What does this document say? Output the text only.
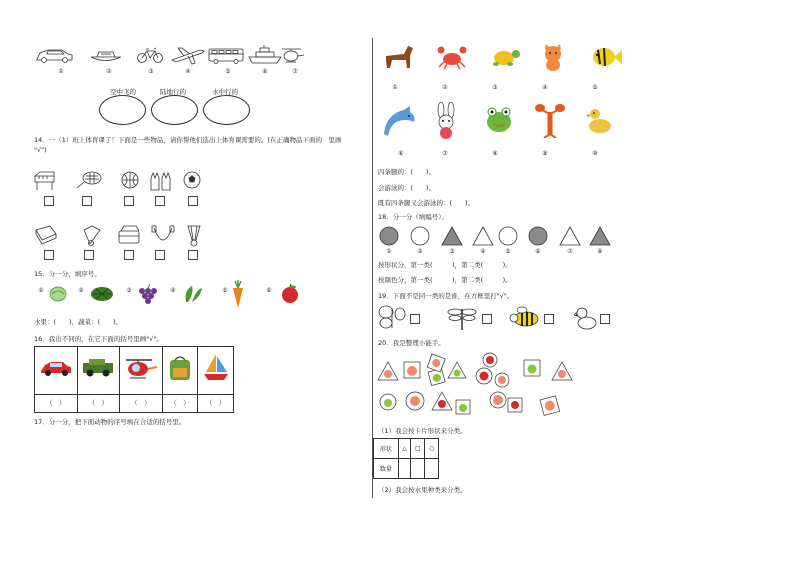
①	②	③	④	⑤	⑥	⑦
空中飞的	陆地行的	水中行的
14．一（1）班上体育课了！下面是一些物品，请你帮他们选出上体育课需要的。(在正确物品下面的　里画
"√")
15．分一分，填序号。
①	②	③	④	⑥
⑤
水果：(　　)，蔬菜：(　　)。
16．我出不同的，在它下面的括号里画"√"。

（　）	（　）	（　）	（　）	（　）
17．分一分，把下面动物的序号填在合适的括号里。
①	②	③	④	⑤
⑥	⑦	⑧	⑨	⑩
四条腿的：(　　)。
会游泳的：(　　)。
既有四条腿又会游泳的：(　　)。
18．分一分（填编号）。
①	②	③	④	⑤	⑥	⑦	⑧
按形状分，第一类(　　　)，第二类(　　　)。
按颜色分，第一类(　　　)，第二类(　　　)。
19．下面不是同一类的是谁，在方框里打"√"。
20．我是整理小能手。
（1）我会按卡片形状来分类。
形状	△	□	○
数量			
（2）我会按水果种类来分类。
